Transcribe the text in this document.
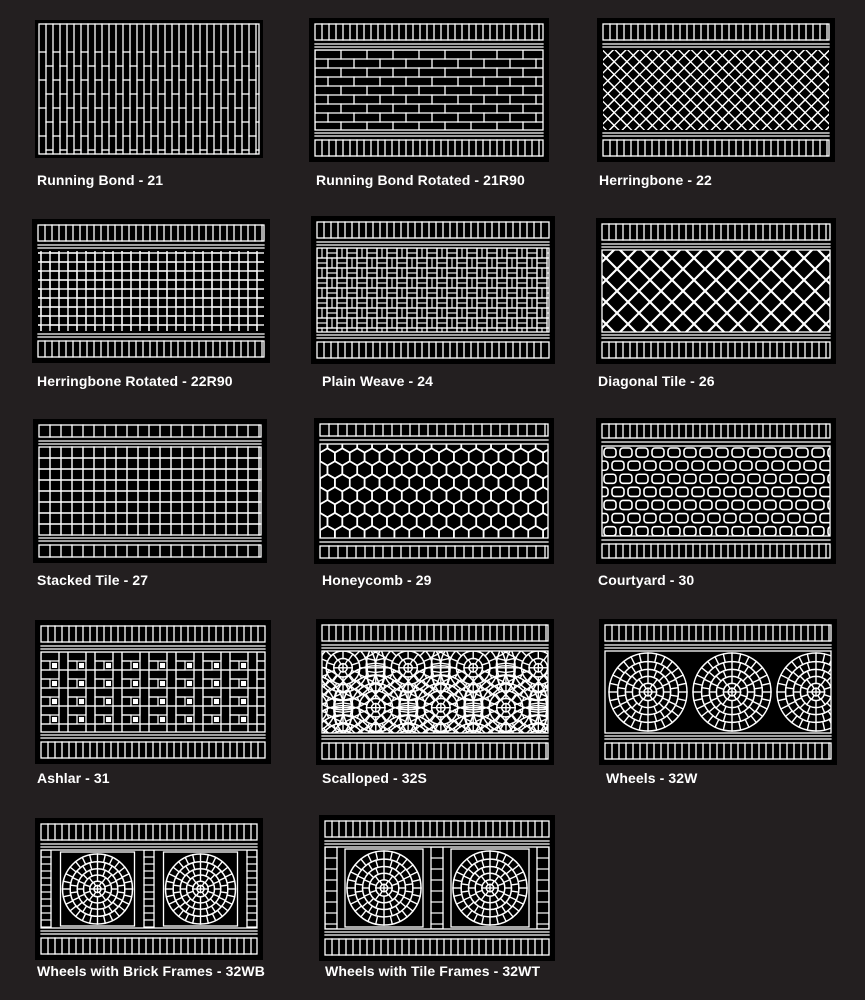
Running Bond - 21	Running Bond Rotated - 21R90	Herringbone - 22
Herringbone Rotated - 22R90	Plain Weave - 24	Diagonal Tile - 26
Stacked Tile - 27	Honeycomb - 29	Courtyard - 30
Ashlar - 31	Scalloped - 32S	Wheels - 32W
Wheels with Brick Frames - 32WB	Wheels with Tile Frames - 32WT
